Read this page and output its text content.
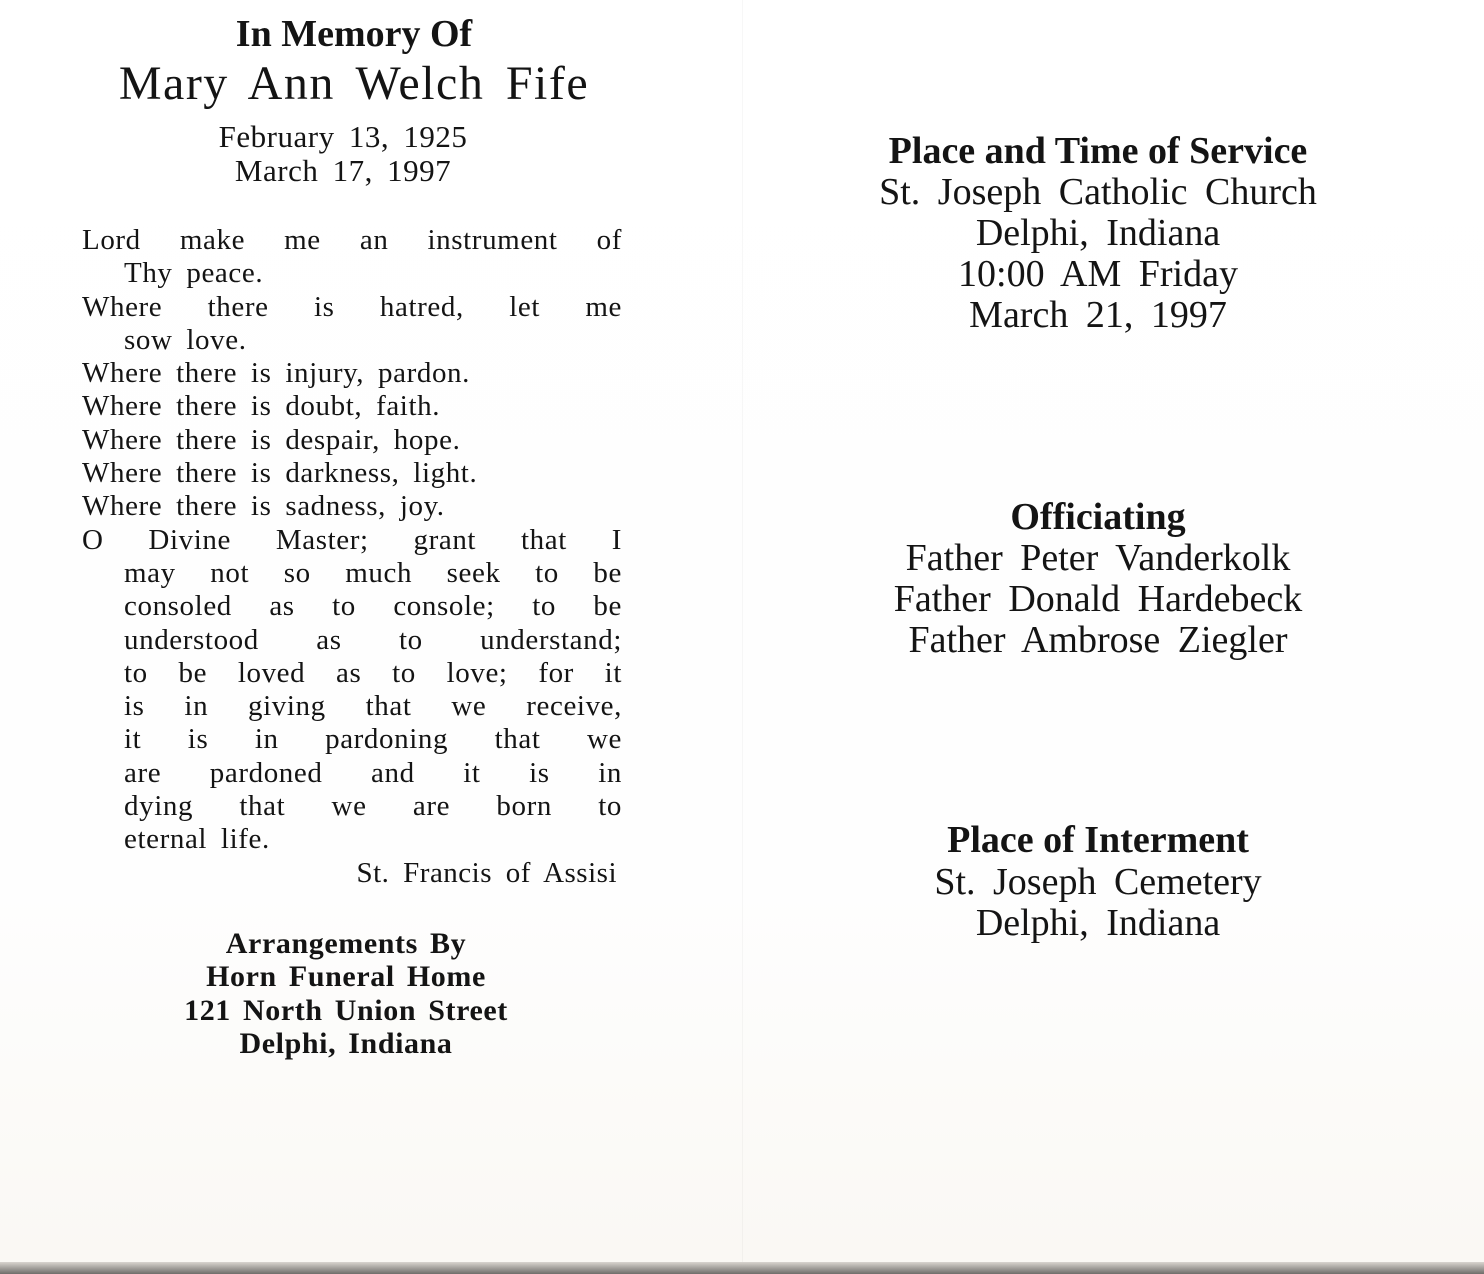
In Memory Of
Mary Ann Welch Fife
February 13, 1925
March 17, 1997
Lord make me an instrument of
Thy peace.
Where there is hatred, let me
sow love.
Where there is injury, pardon.
Where there is doubt, faith.
Where there is despair, hope.
Where there is darkness, light.
Where there is sadness, joy.
O Divine Master; grant that I
may not so much seek to be
consoled as to console; to be
understood as to understand;
to be loved as to love; for it
is in giving that we receive,
it is in pardoning that we
are pardoned and it is in
dying that we are born to
eternal life.
St. Francis of Assisi
Arrangements By
Horn Funeral Home
121 North Union Street
Delphi, Indiana
Place and Time of Service
St. Joseph Catholic Church
Delphi, Indiana
10:00 AM Friday
March 21, 1997
Officiating
Father Peter Vanderkolk
Father Donald Hardebeck
Father Ambrose Ziegler
Place of Interment
St. Joseph Cemetery
Delphi, Indiana
